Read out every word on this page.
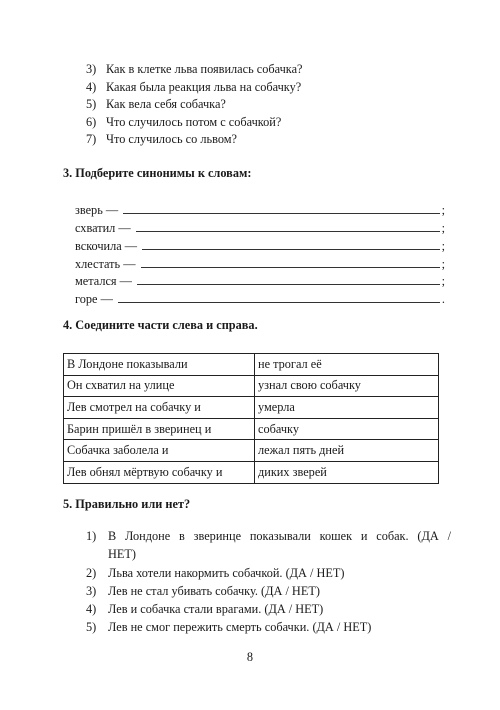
3) Как в клетке льва появилась собачка?
4) Какая была реакция льва на собачку?
5) Как вела себя собачка?
6) Что случилось потом с собачкой?
7) Что случилось со львом?
3. Подберите синонимы к словам:
зверь —	;
схватил —	;
вскочила —	;
хлестать —	;
метался —	;
горе —	.
4. Соедините части слева и справа.
В Лондоне показывали	не трогал её
Он схватил на улице	узнал свою собачку
Лев смотрел на собачку и	умерла
Барин пришёл в зверинец и	собачку
Собачка заболела и	лежал пять дней
Лев обнял мёртвую собачку и	диких зверей
5. Правильно или нет?
1) В Лондоне в зверинце показывали кошек и собак. (ДА /
НЕТ)
2) Льва хотели накормить собачкой. (ДА / НЕТ)
3) Лев не стал убивать собачку. (ДА / НЕТ)
4) Лев и собачка стали врагами. (ДА / НЕТ)
5) Лев не смог пережить смерть собачки. (ДА / НЕТ)
8
